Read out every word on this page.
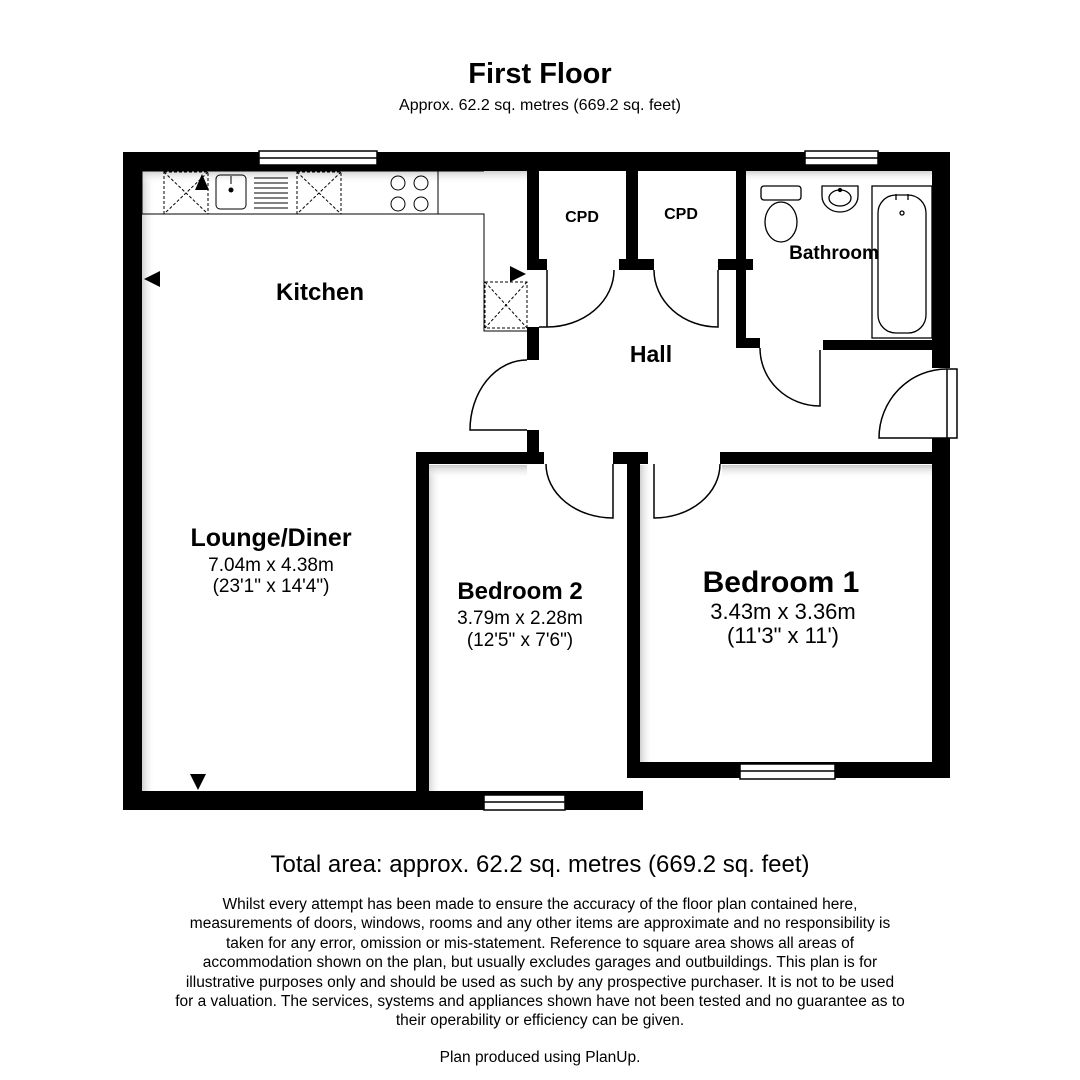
First Floor
Approx. 62.2 sq. metres (669.2 sq. feet)
Kitchen
CPD	CPD
Bathroom
Hall
Lounge/Diner
7.04m x 4.38m
(23'1" x 14'4")	Bedroom 2
3.79m x 2.28m
(12'5" x 7'6")
Bedroom 1
3.43m x 3.36m
(11'3" x 11')
Total area: approx. 62.2 sq. metres (669.2 sq. feet)
Whilst every attempt has been made to ensure the accuracy of the floor plan contained here, measurements of doors, windows, rooms and any other items are approximate and no responsibility is taken for any error, omission or mis-statement. Reference to square area shows all areas of accommodation shown on the plan, but usually excludes garages and outbuildings. This plan is for illustrative purposes only and should be used as such by any prospective purchaser. It is not to be used for a valuation. The services, systems and appliances shown have not been tested and no guarantee as to their operability or efficiency can be given.
Plan produced using PlanUp.
